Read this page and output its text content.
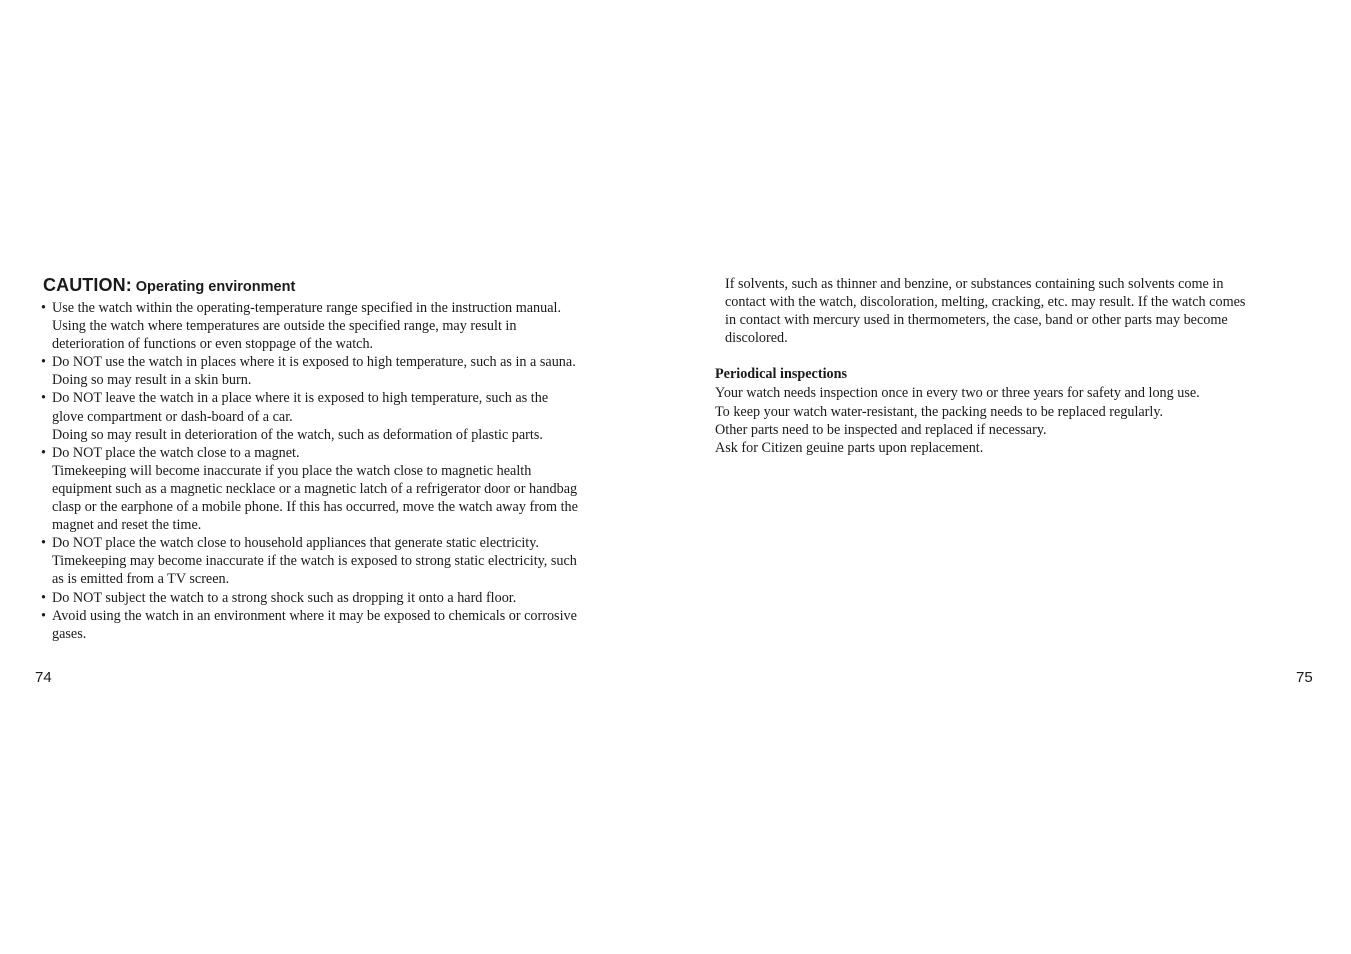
CAUTION: Operating environment
• Use the watch within the operating-temperature range specified in the instruction manual.
Using the watch where temperatures are outside the specified range, may result in
deterioration of functions or even stoppage of the watch.
• Do NOT use the watch in places where it is exposed to high temperature, such as in a sauna.
Doing so may result in a skin burn.
• Do NOT leave the watch in a place where it is exposed to high temperature, such as the
glove compartment or dash-board of a car.
Doing so may result in deterioration of the watch, such as deformation of plastic parts.
• Do NOT place the watch close to a magnet.
Timekeeping will become inaccurate if you place the watch close to magnetic health
equipment such as a magnetic necklace or a magnetic latch of a refrigerator door or handbag
clasp or the earphone of a mobile phone. If this has occurred, move the watch away from the
magnet and reset the time.
• Do NOT place the watch close to household appliances that generate static electricity.
Timekeeping may become inaccurate if the watch is exposed to strong static electricity, such
as is emitted from a TV screen.
• Do NOT subject the watch to a strong shock such as dropping it onto a hard floor.
• Avoid using the watch in an environment where it may be exposed to chemicals or corrosive
gases.
74

If solvents, such as thinner and benzine, or substances containing such solvents come in
contact with the watch, discoloration, melting, cracking, etc. may result. If the watch comes
in contact with mercury used in thermometers, the case, band or other parts may become
discolored.

Periodical inspections

Your watch needs inspection once in every two or three years for safety and long use.
To keep your watch water-resistant, the packing needs to be replaced regularly.
Other parts need to be inspected and replaced if necessary.
Ask for Citizen geuine parts upon replacement.

75
